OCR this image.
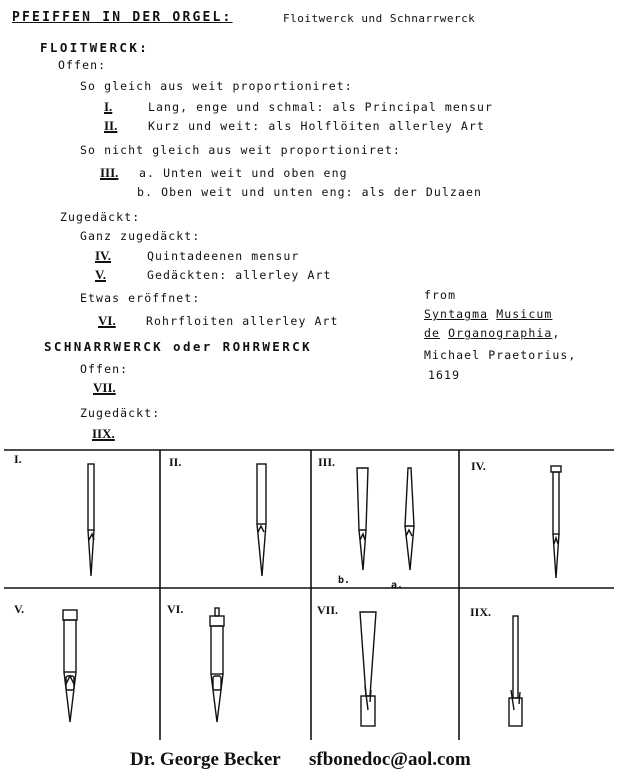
PFEIFFEN IN DER ORGEL:	Floitwerck und Schnarrwerck
FLOITWERCK:
Offen:
So gleich aus weit proportioniret:
I.	Lang, enge und schmal: als Principal mensur
II.	Kurz und weit: als Holflöiten allerley Art
So nicht gleich aus weit proportioniret:
III. a. Unten weit und oben eng
b. Oben weit und unten eng: als der Dulzaen
Zugedäckt:
Ganz zugedäckt:
IV.	Quintadeenen mensur
V.	Gedäckten: allerley Art
Etwas eröffnet:
VI.	Rohrfloiten allerley Art
SCHNARRWERCK oder ROHRWERCK
Offen:
VII.
Zugedäckt:
IIX.
from
Syntagma Musicum
de Organographia,
Michael Praetorius,
1619
I.	II.	III.	IV.
b.	a.
V.	VI.	VII.	IIX.
Dr. George Becker sfbonedoc@aol.com
